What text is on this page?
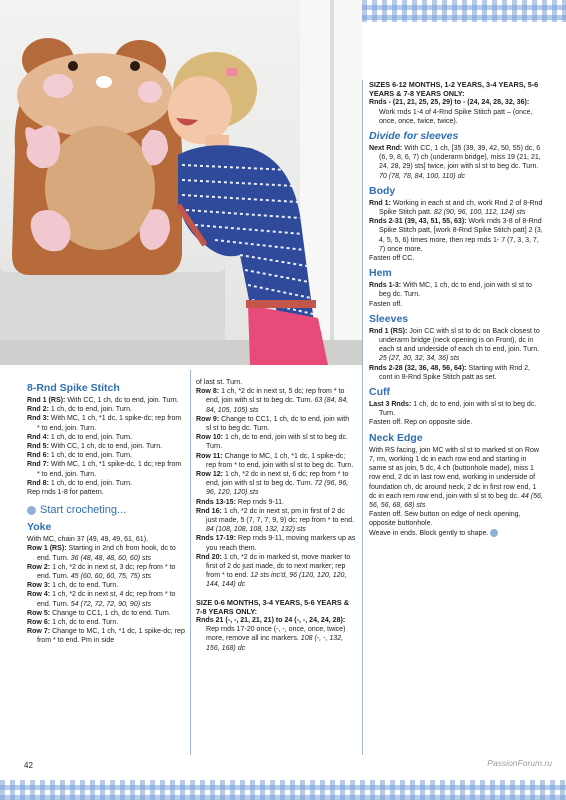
8-Rnd Spike Stitch

Rnd 1 (RS): With CC, 1 ch, dc to end, join. Turn.

Rnd 2: 1 ch, dc to end, join. Turn.

Rnd 3: With MC, 1 ch, *1 dc, 1 spike-dc; rep from * to end, join. Turn.

Rnd 4: 1 ch, dc to end, join. Turn.

Rnd 5: With CC, 1 ch, dc to end, join. Turn.

Rnd 6: 1 ch, dc to end, join. Turn.

Rnd 7: With MC, 1 ch, *1 spike-dc, 1 dc; rep from * to end, join. Turn.

Rnd 8: 1 ch, dc to end, join. Turn.

Rep rnds 1-8 for pattern.

Start crocheting...
Yoke

With MC, chain 37 (49, 49, 49, 61, 61).

Row 1 (RS): Starting in 2nd ch from hook, dc to end. Turn. 36 (48, 48, 48, 60, 60) sts

Row 2: 1 ch, *2 dc in next st, 3 dc; rep from * to end. Turn. 45 (60, 60, 60, 75, 75) sts

Row 3: 1 ch, dc to end. Turn.

Row 4: 1 ch, *2 dc in next st, 4 dc; rep from * to end. Turn. 54 (72, 72, 72, 90, 90) sts

Row 5: Change to CC1, 1 ch, dc to end. Turn.

Row 6: 1 ch, dc to end. Turn.

Row 7: Change to MC, 1 ch, *1 dc, 1 spike-dc; rep from * to end. Pm in side

of last st. Turn.

Row 8: 1 ch, *2 dc in next st, 5 dc; rep from * to end, join with sl st to beg dc. Turn. 63 (84, 84, 84, 105, 105) sts

Row 9: Change to CC1, 1 ch, dc to end, join with sl st to beg dc. Turn.

Row 10: 1 ch, dc to end, join with sl st to beg dc. Turn.

Row 11: Change to MC, 1 ch, *1 dc, 1 spike-dc; rep from * to end, join with sl st to beg dc. Turn.

Row 12: 1 ch, *2 dc in next st, 6 dc; rep from * to end, join with sl st to beg dc. Turn. 72 (96, 96, 96, 120, 120) sts

Rnds 13-15: Rep rnds 9-11.

Rnd 16: 1 ch, *2 dc in next st, pm in first of 2 dc just made, 5 (7, 7, 7, 9, 9) dc; rep from * to end. 84 (108, 108, 108, 132, 132) sts

Rnds 17-19: Rep rnds 9-11, moving markers up as you reach them.

Rnd 20: 1 ch, *2 dc in marked st, move marker to first of 2 dc just made, dc to next marker; rep from * to end. 12 sts inc'd, 96 (120, 120, 120, 144, 144) dc

SIZE 0-6 MONTHS, 3-4 YEARS, 5-6 YEARS & 7-8 YEARS ONLY:

Rnds 21 (-, -, 21, 21, 21) to 24 (-, -, 24, 24, 28): Rep rnds 17-20 once (-, -, once, once, twice) more, remove all inc markers. 108 (-, -, 132, 156, 168) dc

SIZES 6-12 MONTHS, 1-2 YEARS, 3-4 YEARS, 5-6 YEARS & 7-8 YEARS ONLY:

Rnds - (21, 21, 25, 25, 29) to - (24, 24, 28, 32, 36): Work rnds 1-4 of 4-Rnd Spike Stitch patt – (once, once, once, twice, twice).

Divide for sleeves

Next Rnd: With CC, 1 ch, [35 (39, 39, 42, 50, 55) dc, 6 (6, 9, 8, 6, 7) ch (underarm bridge), miss 19 (21, 21, 24, 28, 29) sts] twice, join with sl st to beg dc. Turn. 70 (78, 78, 84, 100, 110) dc

Body

Rnd 1: Working in each st and ch, work Rnd 2 of 8-Rnd Spike Stitch patt. 82 (90, 96, 100, 112, 124) sts

Rnds 2-31 (39, 43, 51, 55, 63): Work rnds 3-8 of 8-Rnd Spike Stitch patt, [work 8-Rnd Spike Stitch patt] 2 (3, 4, 5, 5, 6) times more, then rep rnds 1- 7 (7, 3, 3, 7, 7) once more.

Fasten off CC.

Hem

Rnds 1-3: With MC, 1 ch, dc to end, join with sl st to beg dc. Turn.

Fasten off.

Sleeves

Rnd 1 (RS): Join CC with sl st to dc on Back closest to underarm bridge (neck opening is on Front), dc in each st and underside of each ch to end, join. Turn. 25 (27, 30, 32, 34, 36) sts

Rnds 2-28 (32, 36, 48, 56, 64): Starting with Rnd 2, cont in 8-Rnd Spike Stitch patt as set.

Cuff

Last 3 Rnds: 1 ch, dc to end, join with sl st to beg dc. Turn.

Fasten off. Rep on opposite side.

Neck Edge

With RS facing, join MC with sl st to marked st on Row 7, rm, working 1 dc in each row end and starting in same st as join, 5 dc, 4 ch (buttonhole made), miss 1 row end, 2 dc in last row end, working in underside of foundation ch, dc around neck, 2 dc in first row end, 1 dc in each rem row end, join with sl st to beg dc. 44 (56, 56, 56, 68, 68) sts

Fasten off. Sew button on edge of neck opening, opposite buttonhole.

Weave in ends. Block gently to shape.

42	PassionForum.ru
